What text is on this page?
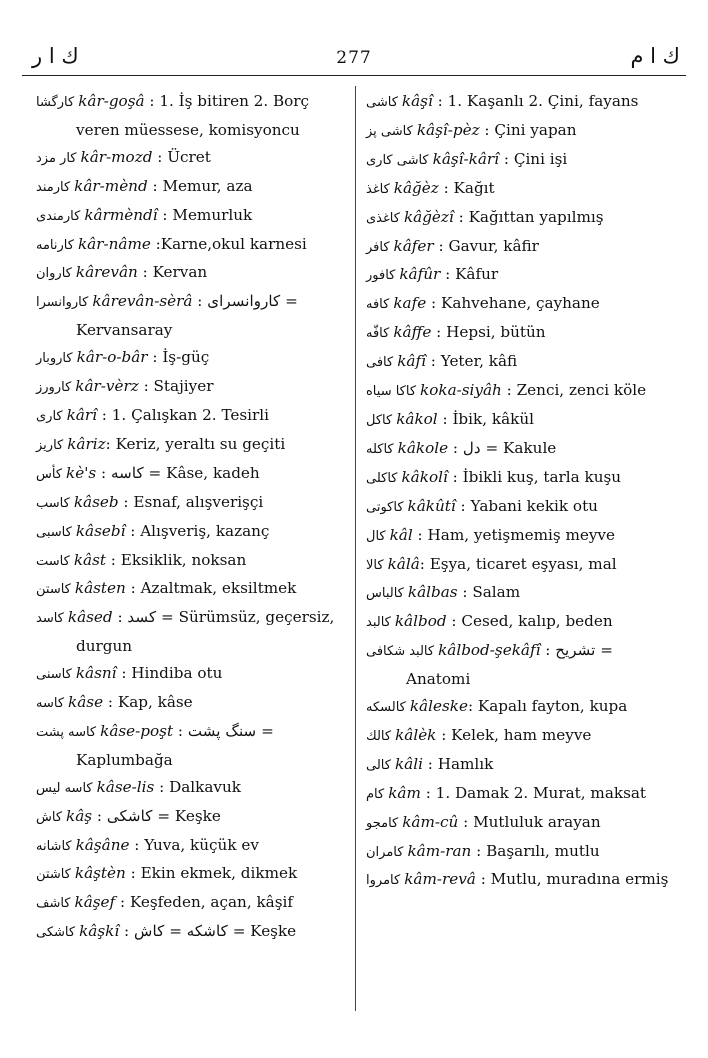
ك ا ر	277	ك ا م

كارگشا kâr-goşâ : 1. İş bitiren 2. Borç veren müessese, komisyoncu

كار مزد kâr-mozd : Ücret

كارمند kâr-mènd : Memur, aza

كارمندى kârmèndî : Memurluk

كارنامه kâr-nâme :Karne,okul karnesi

كاروان kârevân : Kervan

كاروانسرا kârevân-sèrâ : كاروانسراى = Kervansaray

كاروبار kâr-o-bâr : İş-güç

كارورز kâr-vèrz : Stajiyer

كارى kârî : 1. Çalışkan 2. Tesirli

كاريز kâriz: Keriz, yeraltı su geçiti

كأس kè's : كاسه = Kâse, kadeh

كاسب kâseb : Esnaf, alışverişçi

كاسبى kâsebî : Alışveriş, kazanç

كاست kâst : Eksiklik, noksan

كاستن kâsten : Azaltmak, eksiltmek

كاسد kâsed : كسد = Sürümsüz, geçersiz, durgun

كاسنى kâsnî : Hindiba otu

كاسه kâse : Kap, kâse

كاسه پشت kâse-poşt : سنگ پشت = Kaplumbağa

كاسه ليس kâse-lis : Dalkavuk

كاش kâş : كاشكى = Keşke

كاشانه kâşâne : Yuva, küçük ev

كاشتن kâştèn : Ekin ekmek, dikmek

كاشف kâşef : Keşfeden, açan, kâşif

كاشكى kâşkî : كاشكه = كاش = Keşke

كاشى kâşî : 1. Kaşanlı 2. Çini, fayans

كاشى پز kâşî-pèz : Çini yapan

كاشى كارى kâşî-kârî : Çini işi

كاغذ kâğèz : Kağıt

كاغذى kâğèzî : Kağıttan yapılmış

كافر kâfer : Gavur, kâfir

كافور kâfûr : Kâfur

كافه kafe : Kahvehane, çayhane

كافّه kâffe : Hepsi, bütün

كافى kâfî : Yeter, kâfi

كاكا سياه koka-siyâh : Zenci, zenci köle

كاكل kâkol : İbik, kâkül

كاكله kâkole : دل = Kakule

كاكلى kâkolî : İbikli kuş, tarla kuşu

كاكوتى kâkûtî : Yabani kekik otu

كال kâl : Ham, yetişmemiş meyve

كالا kâlâ: Eşya, ticaret eşyası, mal

كالباس kâlbas : Salam

كالبد kâlbod : Cesed, kalıp, beden

كالبد شكافى kâlbod-şekâfî : تشريح = Anatomi

كالسكه kâleske: Kapalı fayton, kupa

كالك kâlèk : Kelek, ham meyve

كالى kâli : Hamlık

كام kâm : 1. Damak 2. Murat, maksat

كامجو kâm-cû : Mutluluk arayan

كامران kâm-ran : Başarılı, mutlu

كامروا kâm-revâ : Mutlu, muradına ermiş
